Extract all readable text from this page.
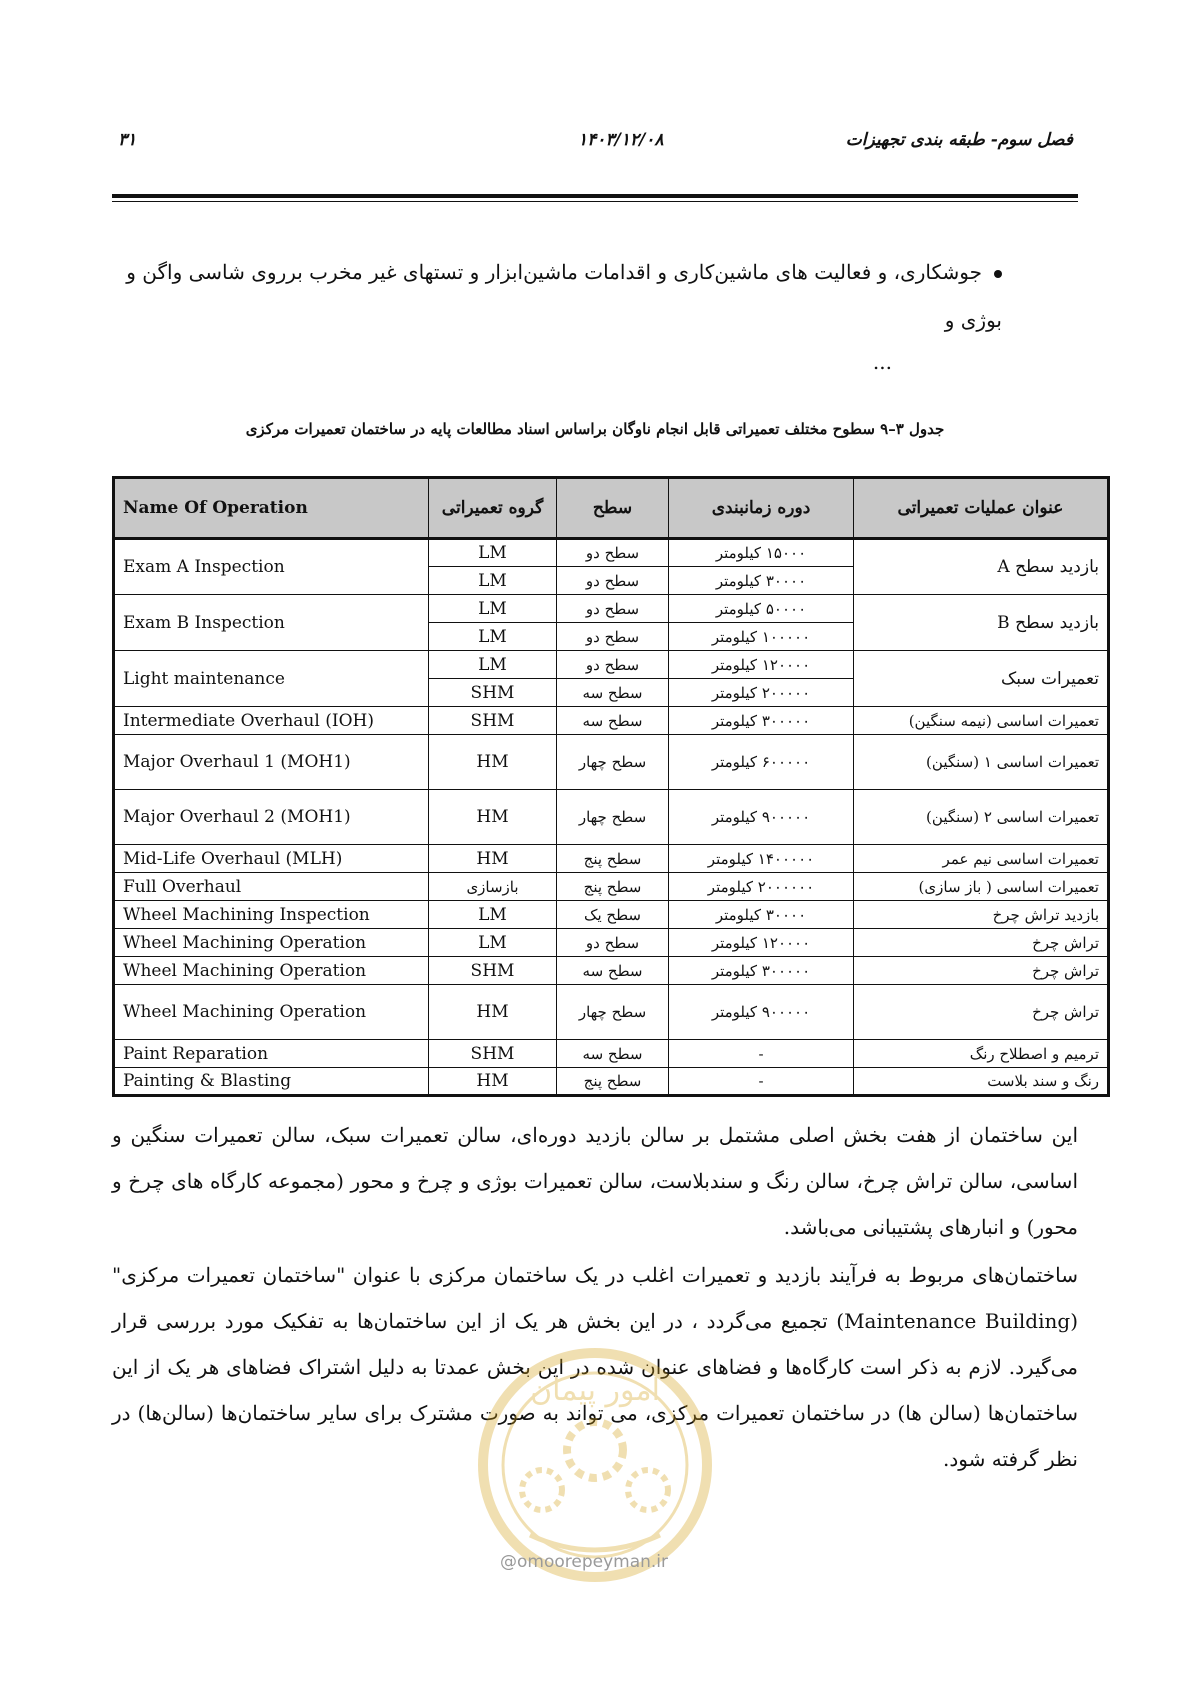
فصل سوم- طبقه بندی تجهیزات
۱۴۰۳/۱۲/۰۸
۳۱
جوشکاری، و فعالیت های ماشین‌کاری و اقدامات ماشین‌ابزار و تستهای غیر مخرب برروی شاسی واگن و بوژی و
...
جدول ۳–۹ سطوح مختلف تعمیراتی قابل انجام ناوگان براساس اسناد مطالعات پایه در ساختمان تعمیرات مرکزی
Name Of Operation	گروه تعمیراتی	سطح	دوره زمانبندی	عنوان عملیات تعمیراتی
Exam A Inspection	LM	سطح دو	۱۵۰۰۰ کیلومتر	بازدید سطح A
	LM	سطح دو	۳۰۰۰۰ کیلومتر	
Exam B Inspection	LM	سطح دو	۵۰۰۰۰ کیلومتر	بازدید سطح B
	LM	سطح دو	۱۰۰۰۰۰ کیلومتر	
Light maintenance	LM	سطح دو	۱۲۰۰۰۰ کیلومتر	تعمیرات سبک
	SHM	سطح سه	۲۰۰۰۰۰ کیلومتر	
Intermediate Overhaul (IOH)	SHM	سطح سه	۳۰۰۰۰۰ کیلومتر	تعمیرات اساسی (نیمه سنگین)
Major Overhaul 1 (MOH1)	HM	سطح چهار	۶۰۰۰۰۰ کیلومتر	تعمیرات اساسی ۱ (سنگین)
Major Overhaul 2 (MOH1)	HM	سطح چهار	۹۰۰۰۰۰ کیلومتر	تعمیرات اساسی ۲ (سنگین)
Mid-Life Overhaul (MLH)	HM	سطح پنج	۱۴۰۰۰۰۰ کیلومتر	تعمیرات اساسی نیم عمر
Full Overhaul	بازسازی	سطح پنج	۲۰۰۰۰۰۰ کیلومتر	تعمیرات اساسی ( باز سازی)
Wheel Machining Inspection	LM	سطح یک	۳۰۰۰۰ کیلومتر	بازدید تراش چرخ
Wheel Machining Operation	LM	سطح دو	۱۲۰۰۰۰ کیلومتر	تراش چرخ
Wheel Machining Operation	SHM	سطح سه	۳۰۰۰۰۰ کیلومتر	تراش چرخ
Wheel Machining Operation	HM	سطح چهار	۹۰۰۰۰۰ کیلومتر	تراش چرخ
Paint Reparation	SHM	سطح سه	-	ترمیم و اصطلاح رنگ
Painting & Blasting	HM	سطح پنج	-	رنگ و سند بلاست

این ساختمان از هفت بخش اصلی مشتمل بر سالن بازدید دوره‌ای، سالن تعمیرات سبک، سالن تعمیرات سنگین و اساسی، سالن تراش چرخ، سالن رنگ و سندبلاست، سالن تعمیرات بوژی و چرخ و محور (مجموعه کارگاه های چرخ و محور) و انبارهای پشتیبانی می‌باشد.

ساختمان‌های مربوط به فرآیند بازدید و تعمیرات اغلب در یک ساختمان مرکزی با عنوان "ساختمان تعمیرات مرکزی" (Maintenance Building) تجمیع می‌گردد ، در این بخش هر یک از این ساختمان‌ها به تفکیک مورد بررسی قرار می‌گیرد. لازم به ذکر است کارگاه‌ها و فضاهای عنوان شده در این بخش عمدتا به دلیل اشتراک فضاهای هر یک از این ساختمان‌ها (سالن ها) در ساختمان تعمیرات مرکزی، می تواند به صورت مشترک برای سایر ساختمان‌ها (سالن‌ها) در نظر گرفته شود.

امور پیمان
@omoorepeyman.ir
